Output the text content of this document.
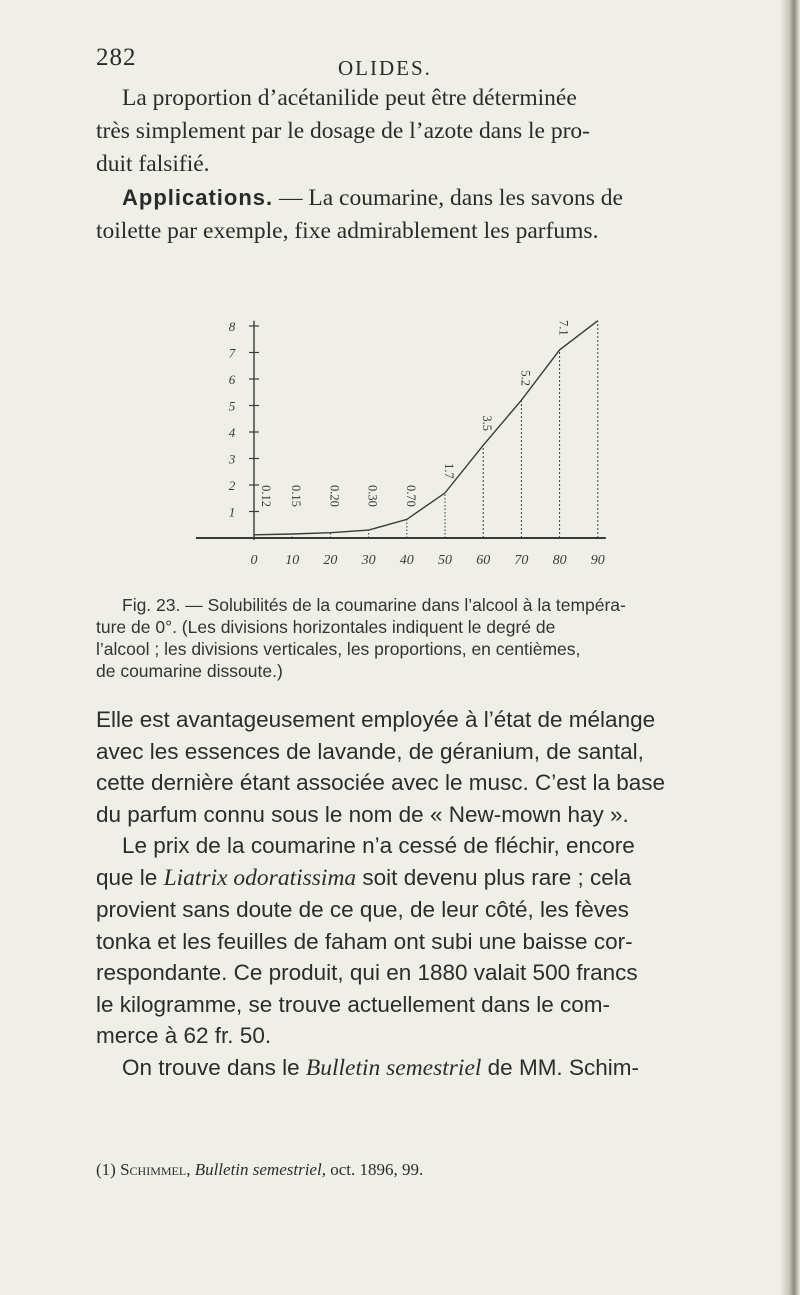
282	OLIDES.
La proportion d’acétanilide peut être déterminée
très simplement par le dosage de l’azote dans le pro-
duit falsifié.
Applications. — La coumarine, dans les savons de
toilette par exemple, fixe admirablement les parfums.
0.12 0.15 0.20 0.30 0.70
1.7
3.5
5.2
7.1
1
2
3
4
5
6
7
8
0 10 20 30 40 50 60 70 80 90
Fig. 23. — Solubilités de la coumarine dans l’alcool à la tempéra-
ture de 0°. (Les divisions horizontales indiquent le degré de
l’alcool ; les divisions verticales, les proportions, en centièmes,
de coumarine dissoute.)
Elle est avantageusement employée à l’état de mélange
avec les essences de lavande, de géranium, de santal,
cette dernière étant associée avec le musc. C’est la base
du parfum connu sous le nom de « New-mown hay ».
Le prix de la coumarine n’a cessé de fléchir, encore
que le Liatrix odoratissima soit devenu plus rare ; cela
provient sans doute de ce que, de leur côté, les fèves
tonka et les feuilles de faham ont subi une baisse cor-
respondante. Ce produit, qui en 1880 valait 500 francs
le kilogramme, se trouve actuellement dans le com-
merce à 62 fr. 50.
On trouve dans le Bulletin semestriel de MM. Schim-
(1) Schimmel, Bulletin semestriel, oct. 1896, 99.
